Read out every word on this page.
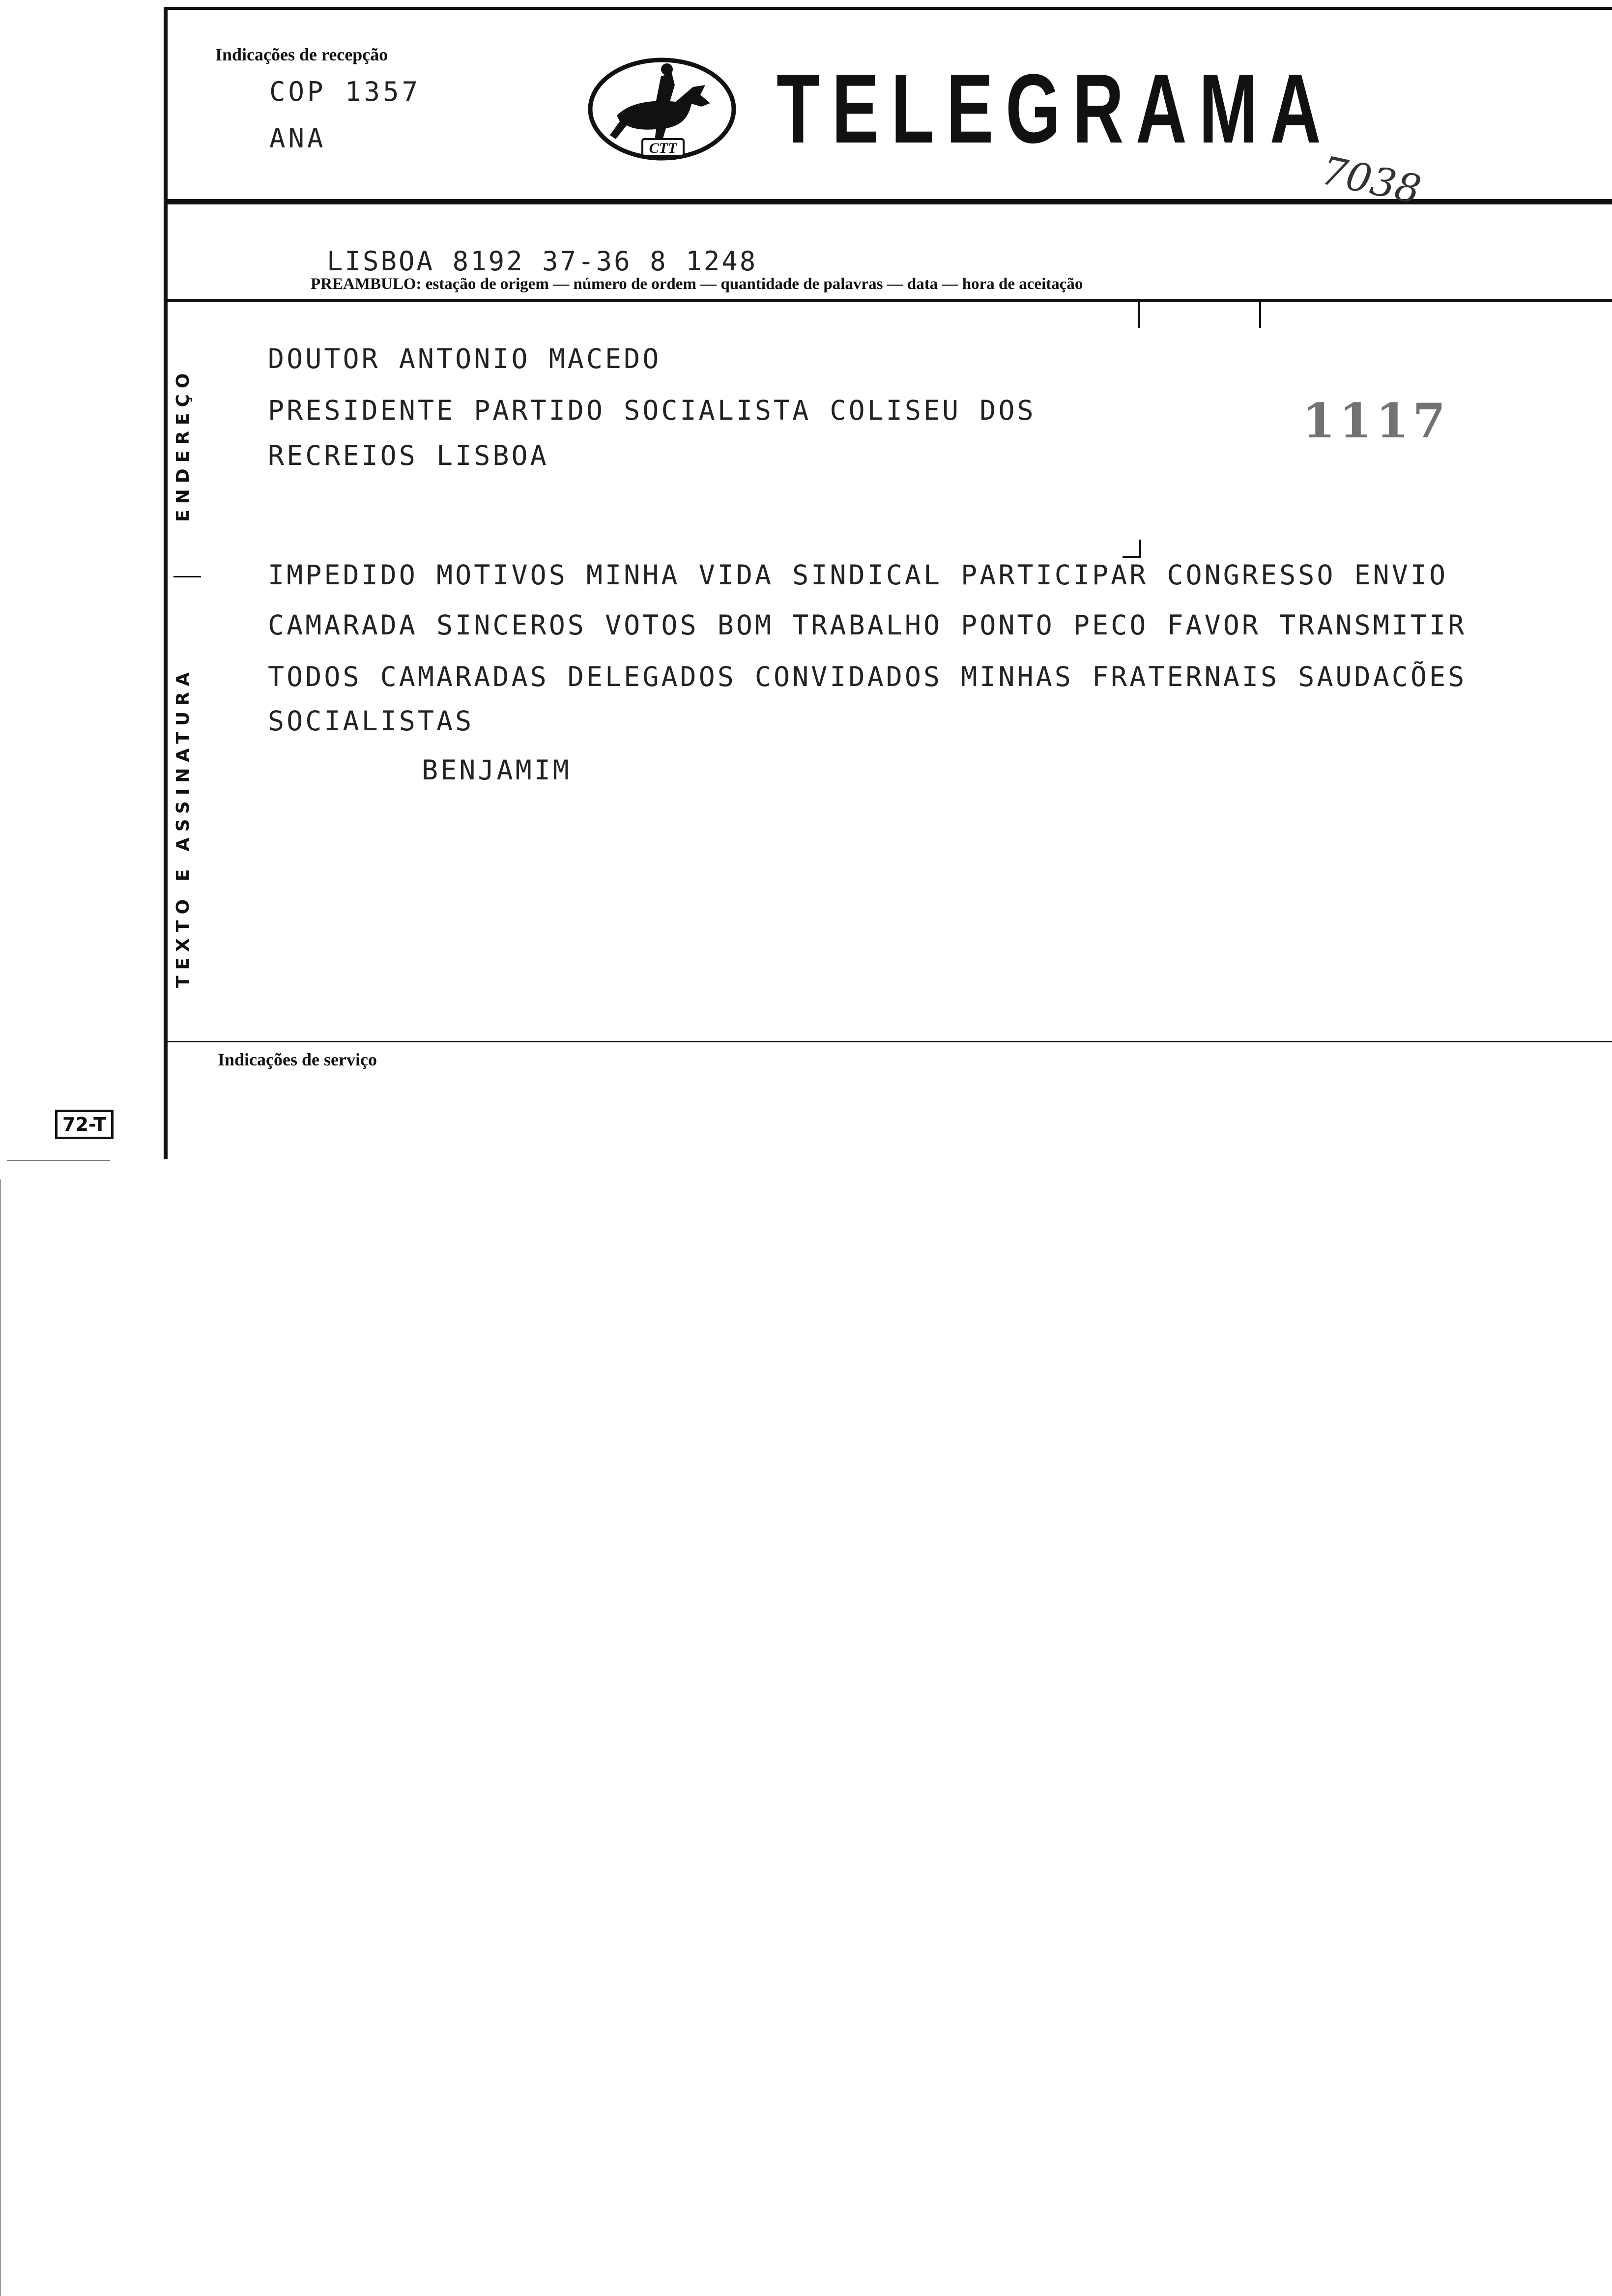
Indicações de recepção
COP 1357
ANA	CTT TELEGRAMA
7038
LISBOA 8192 37-36 8 1248
PREAMBULO: estação de origem — número de ordem — quantidade de palavras — data — hora de aceitação
ENDEREÇO
DOUTOR ANTONIO MACEDO
PRESIDENTE PARTIDO SOCIALISTA COLISEU DOS
RECREIOS LISBOA
1117
TEXTO E ASSINATURA
IMPEDIDO MOTIVOS MINHA VIDA SINDICAL PARTICIPAR CONGRESSO ENVIO
CAMARADA SINCEROS VOTOS BOM TRABALHO PONTO PECO FAVOR TRANSMITIR
TODOS CAMARADAS DELEGADOS CONVIDADOS MINHAS FRATERNAIS SAUDACÕES
SOCIALISTAS
BENJAMIM
Indicações de serviço
72-T
